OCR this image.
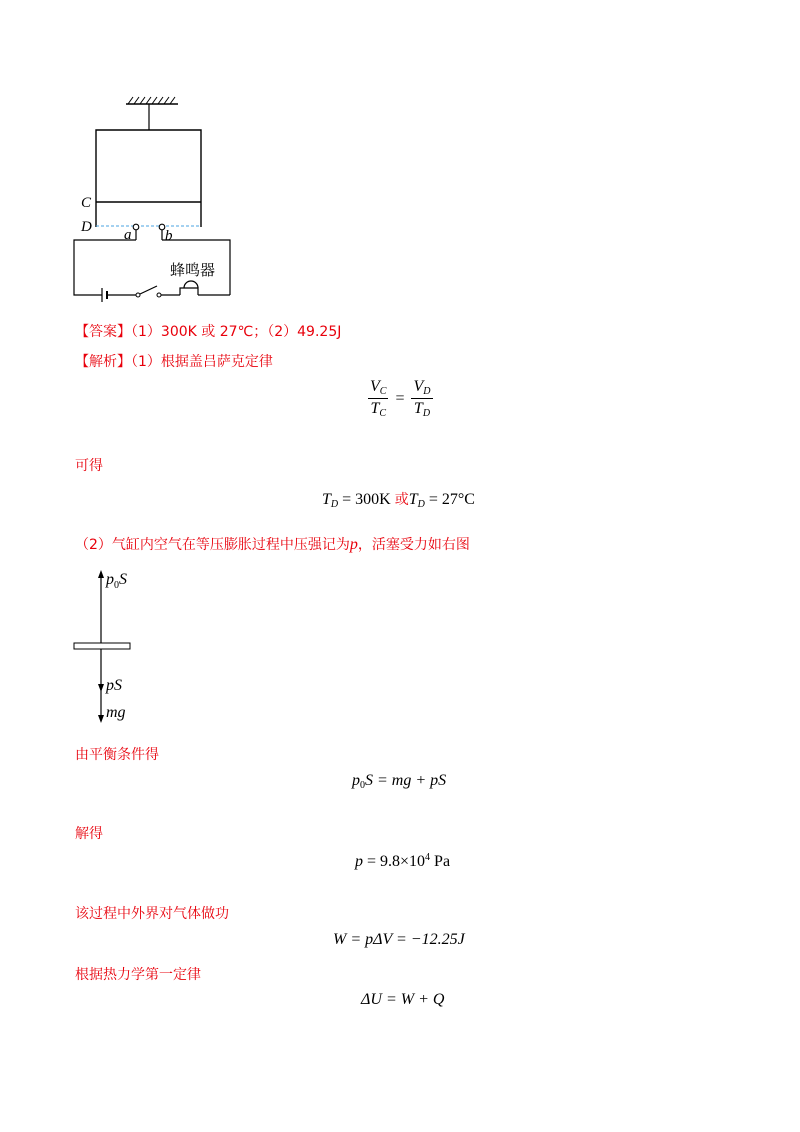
C
D a b
蜂鸣器
【答案】（1）300K 或 27℃；（2）49.25J
【解析】（1）根据盖吕萨克定律
$\frac{V_C}{T_C} = \frac{V_D}{T_D}$
可得
$T_D = 300K$ 或$T_D = 27^\circ C$
（2）气缸内空气在等压膨胀过程中压强记为p，活塞受力如右图
$p_0S$
pS
mg
由平衡条件得
$p_0S$ = mg + pS
解得
$p = 9.8\times 10^4$ Pa
该过程中外界对气体做功
W = pΔV = −12.25J
根据热力学第一定律
ΔU = W + Q
